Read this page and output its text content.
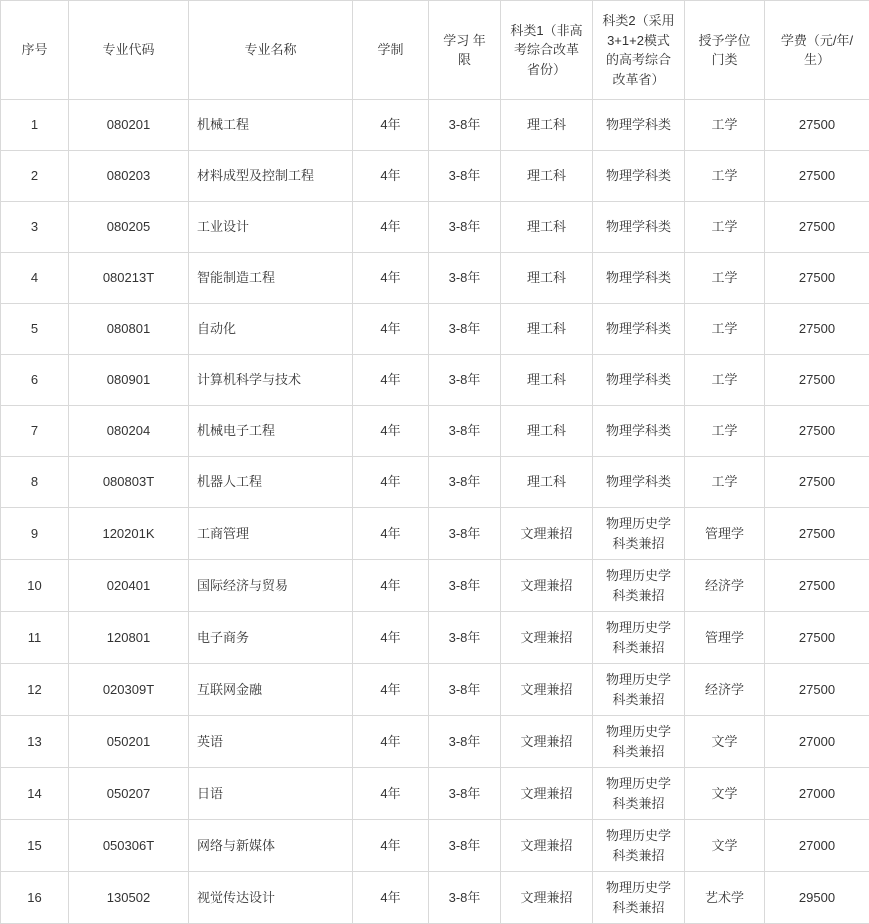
序号	专业代码	专业名称	学制	学习 年限	科类1（非高考综合改革省份）	科类2（采用3+1+2模式的高考综合改革省）	授予学位门类	学费（元/年/生）
1	080201	机械工程	4年	3-8年	理工科	物理学科类	工学	27500
2	080203	材料成型及控制工程	4年	3-8年	理工科	物理学科类	工学	27500
3	080205	工业设计	4年	3-8年	理工科	物理学科类	工学	27500
4	080213T	智能制造工程	4年	3-8年	理工科	物理学科类	工学	27500
5	080801	自动化	4年	3-8年	理工科	物理学科类	工学	27500
6	080901	计算机科学与技术	4年	3-8年	理工科	物理学科类	工学	27500
7	080204	机械电子工程	4年	3-8年	理工科	物理学科类	工学	27500
8	080803T	机器人工程	4年	3-8年	理工科	物理学科类	工学	27500
9	120201K	工商管理	4年	3-8年	文理兼招	物理历史学科类兼招	管理学	27500
10	020401	国际经济与贸易	4年	3-8年	文理兼招	物理历史学科类兼招	经济学	27500
11	120801	电子商务	4年	3-8年	文理兼招	物理历史学科类兼招	管理学	27500
12	020309T	互联网金融	4年	3-8年	文理兼招	物理历史学科类兼招	经济学	27500
13	050201	英语	4年	3-8年	文理兼招	物理历史学科类兼招	文学	27000
14	050207	日语	4年	3-8年	文理兼招	物理历史学科类兼招	文学	27000
15	050306T	网络与新媒体	4年	3-8年	文理兼招	物理历史学科类兼招	文学	27000
16	130502	视觉传达设计	4年	3-8年	文理兼招	物理历史学科类兼招	艺术学	29500
